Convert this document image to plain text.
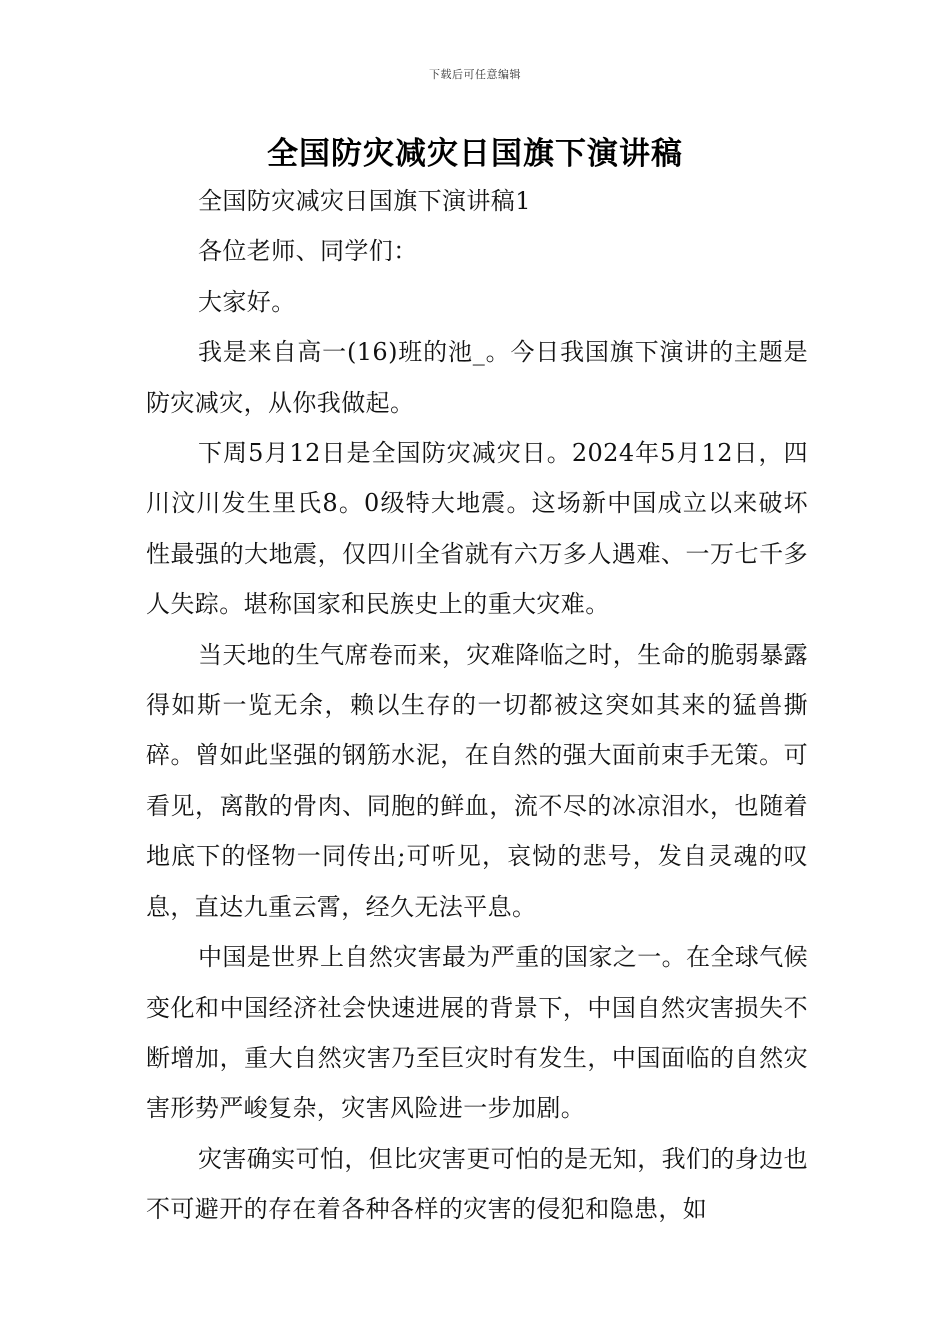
下载后可任意编辑
全国防灾减灾日国旗下演讲稿

全国防灾减灾日国旗下演讲稿1

各位老师、同学们：

大家好。

我是来自高一(16)班的池_。今日我国旗下演讲的主题是防灾减灾，从你我做起。

下周5月12日是全国防灾减灾日。2024年5月12日，四川汶川发生里氏8。0级特大地震。这场新中国成立以来破坏性最强的大地震，仅四川全省就有六万多人遇难、一万七千多人失踪。堪称国家和民族史上的重大灾难。

当天地的生气席卷而来，灾难降临之时，生命的脆弱暴露得如斯一览无余，赖以生存的一切都被这突如其来的猛兽撕碎。曾如此坚强的钢筋水泥，在自然的强大面前束手无策。可看见，离散的骨肉、同胞的鲜血，流不尽的冰凉泪水，也随着地底下的怪物一同传出;可听见，哀恸的悲号，发自灵魂的叹息，直达九重云霄，经久无法平息。

中国是世界上自然灾害最为严重的国家之一。在全球气候变化和中国经济社会快速进展的背景下，中国自然灾害损失不断增加，重大自然灾害乃至巨灾时有发生，中国面临的自然灾害形势严峻复杂，灾害风险进一步加剧。

灾害确实可怕，但比灾害更可怕的是无知，我们的身边也不可避开的存在着各种各样的灾害的侵犯和隐患，如
